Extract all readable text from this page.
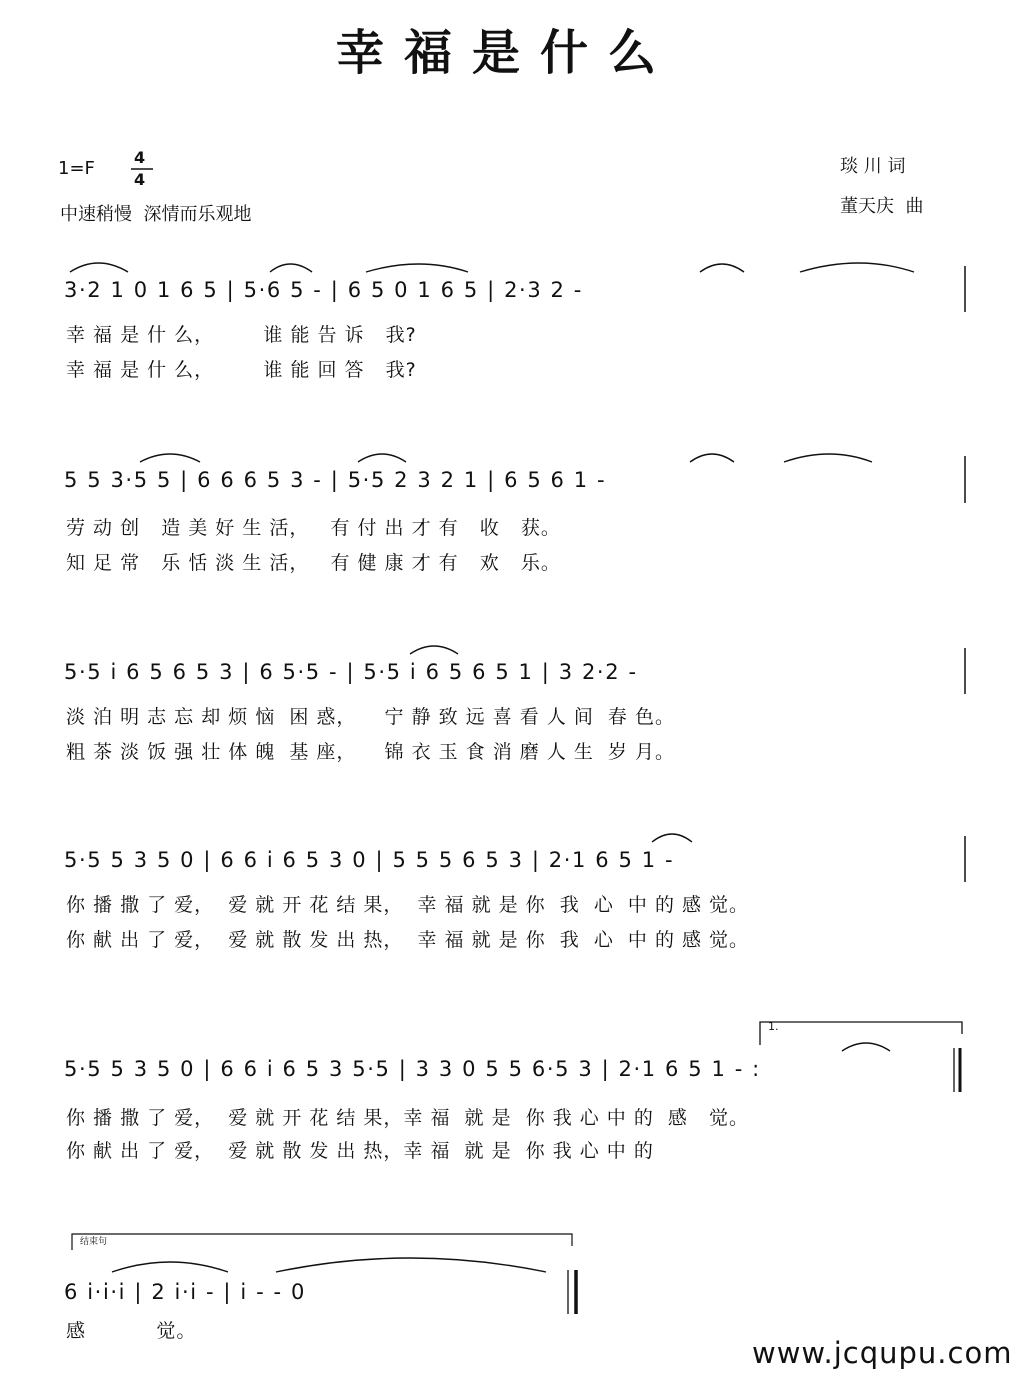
幸福是什么
1=F
4
4
中速稍慢  深情而乐观地
琰 川 词
董天庆  曲
3·2 1 0 1 6 5 | 5·6 5 - | 6 5 0 1 6 5 | 2·3 2 -
幸 福 是 什 么，       谁 能 告 诉   我?
幸 福 是 什 么，       谁 能 回 答   我?
5 5 3·5 5 | 6 6 6 5 3 - | 5·5 2 3 2 1 | 6 5 6 1 -
劳 动 创   造 美 好 生 活，   有 付 出 才 有   收   获。
知 足 常   乐 恬 淡 生 活，   有 健 康 才 有   欢   乐。
5·5 i 6 5 6 5 3 | 6 5·5 - | 5·5 i 6 5 6 5 1 | 3 2·2 -
淡 泊 明 志 忘 却 烦 恼  困 惑，    宁 静 致 远 喜 看 人 间  春 色。
粗 茶 淡 饭 强 壮 体 魄  基 座，    锦 衣 玉 食 消 磨 人 生  岁 月。
5·5 5 3 5 0 | 6 6 i 6 5 3 0 | 5 5 5 6 5 3 | 2·1 6 5 1 -
你 播 撒 了 爱，  爱 就 开 花 结 果，  幸 福 就 是 你  我  心  中 的 感 觉。
你 献 出 了 爱，  爱 就 散 发 出 热，  幸 福 就 是 你  我  心  中 的 感 觉。
1.
5·5 5 3 5 0 | 6 6 i 6 5 3 5·5 | 3 3 0 5 5 6·5 3 | 2·1 6 5 1 - :
你 播 撒 了 爱，  爱 就 开 花 结 果，幸 福  就 是  你 我 心 中 的  感   觉。
你 献 出 了 爱，  爱 就 散 发 出 热，幸 福  就 是  你 我 心 中 的
结束句
6 i·i·i | 2 i·i - | i - - 0
感          觉。
www.jcqupu.com
